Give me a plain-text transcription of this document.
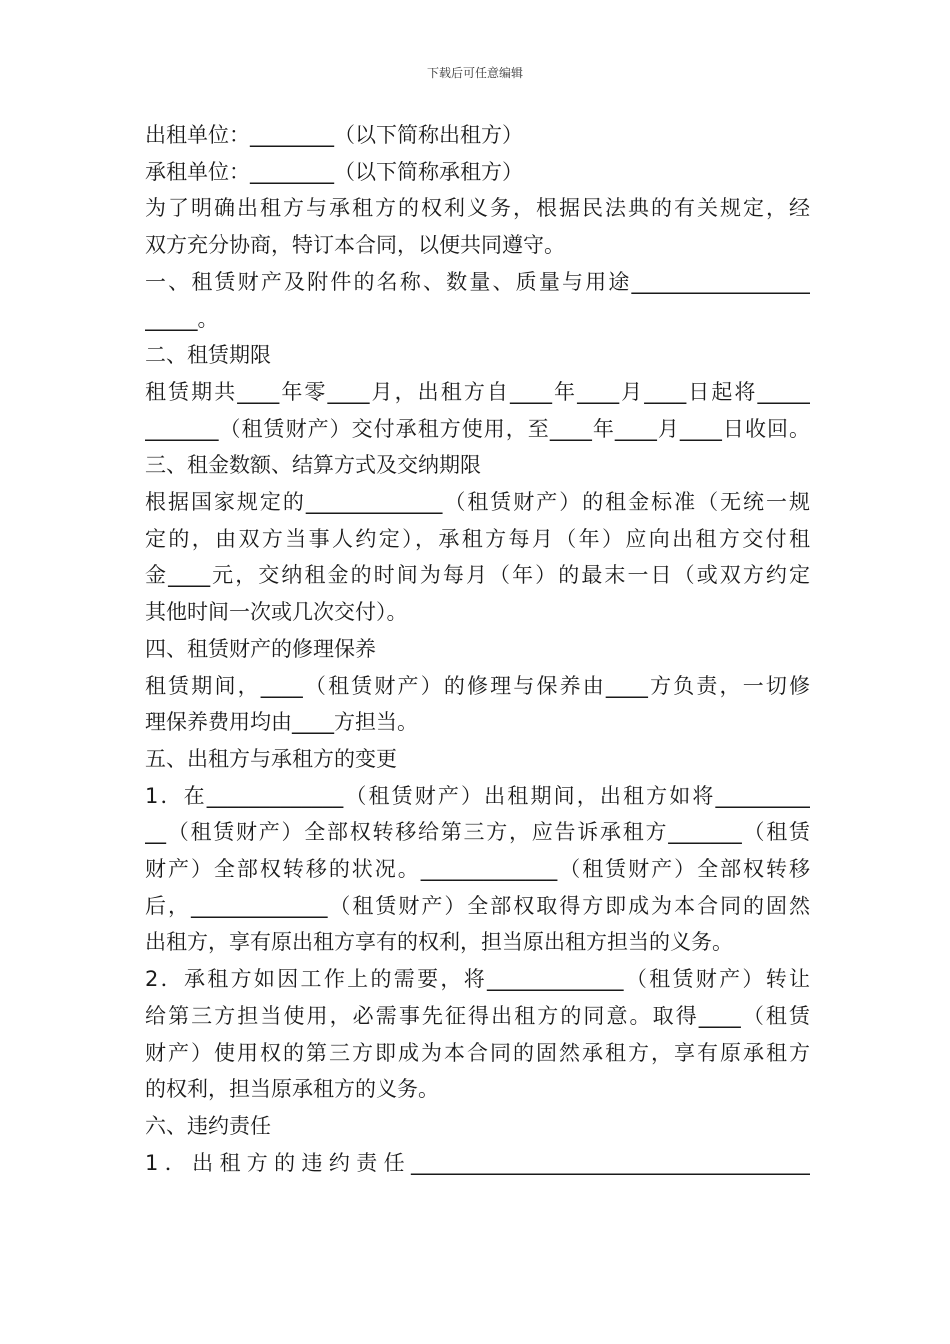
下载后可任意编辑
出租单位：________（以下简称出租方）
承租单位：________（以下简称承租方）
为了明确出租方与承租方的权利义务，根据民法典的有关规定，经
双方充分协商，特订本合同，以便共同遵守。
一、租赁财产及附件的名称、数量、质量与用途_________________
_____。
二、租赁期限
租赁期共____年零____月，出租方自____年____月____日起将_____
_______（租赁财产）交付承租方使用，至____年____月____日收回。
三、租金数额、结算方式及交纳期限
根据国家规定的_____________（租赁财产）的租金标准（无统一规
定的，由双方当事人约定），承租方每月（年）应向出租方交付租
金____元，交纳租金的时间为每月（年）的最末一日（或双方约定
其他时间一次或几次交付）。
四、租赁财产的修理保养
租赁期间，____（租赁财产）的修理与保养由____方负责，一切修
理保养费用均由____方担当。
五、出租方与承租方的变更
1．在_____________（租赁财产）出租期间，出租方如将_________
__（租赁财产）全部权转移给第三方，应告诉承租方_______（租赁
财产）全部权转移的状况。_____________（租赁财产）全部权转移
后，_____________（租赁财产）全部权取得方即成为本合同的固然
出租方，享有原出租方享有的权利，担当原出租方担当的义务。
2．承租方如因工作上的需要，将_____________（租赁财产）转让
给第三方担当使用，必需事先征得出租方的同意。取得____（租赁
财产）使用权的第三方即成为本合同的固然承租方，享有原承租方
的权利，担当原承租方的义务。
六、违约责任
1．出租方的违约责任______________________________________
